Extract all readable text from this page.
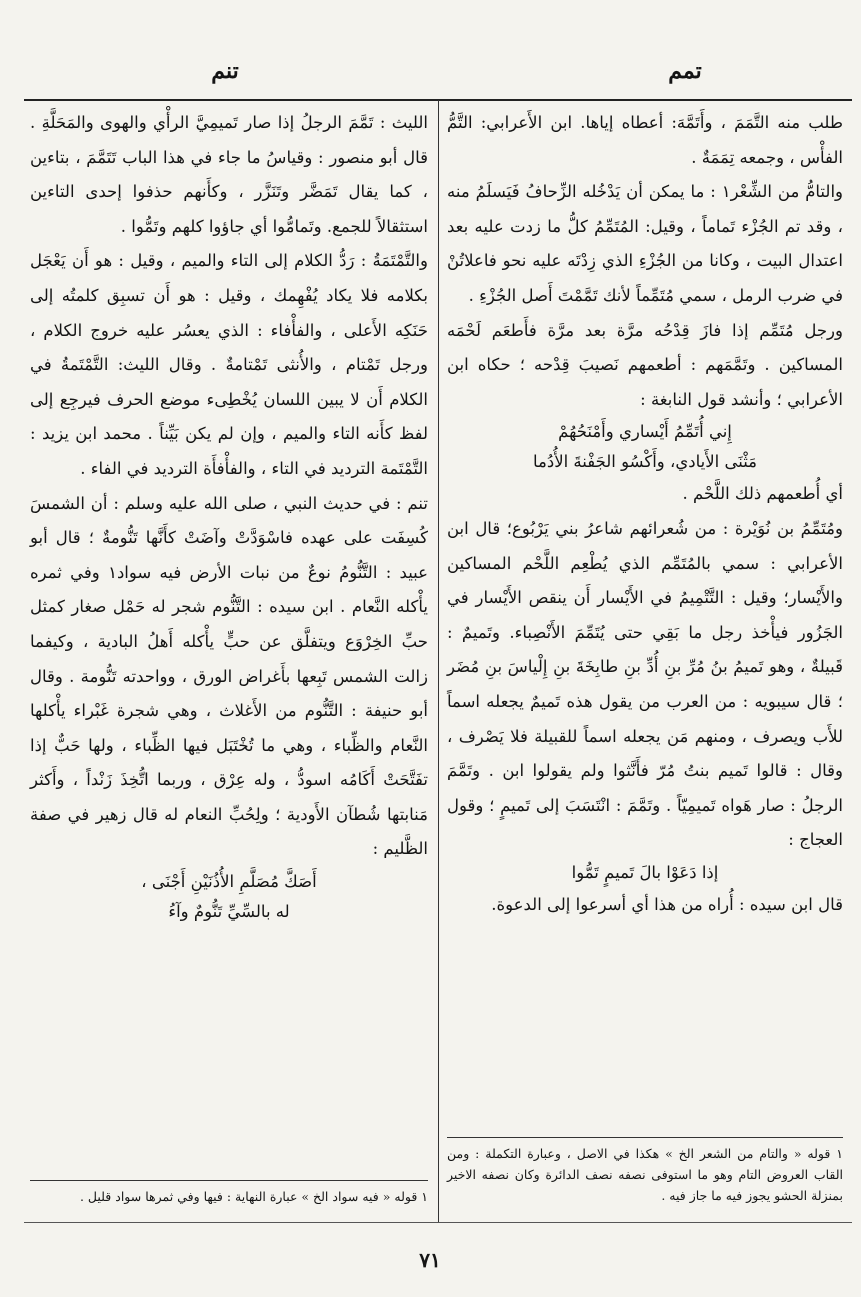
تمم
تنم

طلب منه التَّمَمَ ، وأَتَمَّهَ: أعطاه إياها. ابن الأَعرابي: التَّمُّ الفأْس ، وجمعه تِمَمَةٌ .

والتامُّ من الشِّعْر١ : ما يمكن أن يَدْخُله الزِّحافُ فَيَسلَمُ منه ، وقد تم الجُزْء تَماماً ، وقيل: المُتَمِّمُ كلُّ ما زدت عليه بعد اعتدال البيت ، وكانا من الجُزْءِ الذي زِدْتَه عليه نحو فاعلاتُنْ في ضرب الرمل ، سمي مُتَمِّماً لأنك تَمَّمْتَ أَصل الجُزْءِ .

ورجل مُتَمِّم إذا فازَ قِدْحُه مرَّة بعد مرَّة فأَطعَم لَحْمَه المساكين . وتَمَّمَهم : أطعمهم نَصيبَ قِدْحه ؛ حكاه ابن الأعرابي ؛ وأنشد قول النابغة :

إِني أُتَمِّمُ أَيْساري وأَمْنَحُهُمْ

مَثْنَى الأَيادي، وأَكْسُو الجَفْنةَ الأُدُما

أي أُطعمهم ذلك اللَّحْم .

ومُتَمِّمُ بن نُوَيْرة : من شُعرائهم شاعرُ بني يَرْبُوع؛ قال ابن الأعرابي : سمي بالمُتَمِّم الذي يُطْعِم اللَّحْم المساكين والأَيْسار؛ وقيل : التَّتْمِيمُ في الأَيْسار أَن ينقص الأَيْسار في الجَزُور فيأْخذ رجل ما بَقِي حتى يُتَمِّمَ الأَنْصِباء. وتَميمٌ : قَبيلةٌ ، وهو تَميمُ بنُ مُرِّ بنِ أُدِّ بنِ طابِخَةَ بنِ إِلْياسَ بنِ مُضَر ؛ قال سيبويه : من العرب من يقول هذه تَميمٌ يجعله اسماً للأَب ويصرف ، ومنهم مَن يجعله اسماً للقبيلة فلا يَصْرف ، وقال : قالوا تَميم بنتُ مُرّ فأَنَّثوا ولم يقولوا ابن . وتَمَّمَ الرجلُ : صار هَواه تَميمِيّاً . وتَمَّمَ : انْتَسَبَ إلى تَميمٍ ؛ وقول العجاج :

إذا دَعَوْا بالَ تَميمٍ تَمُّوا

قال ابن سيده : أُراه من هذا أي أسرعوا إلى الدعوة.

الليث : تَمَّمَ الرجلُ إذا صار تَميمِيَّ الرأْي والهوى والمَحَلَّةِ . قال أبو منصور : وقياسُ ما جاء في هذا الباب تَتَمَّمَ ، بتاءين ، كما يقال تَمَضَّر وتَنَزَّر ، وكأَنهم حذفوا إحدى التاءين استثقالاً للجمع. وتَمامُّوا أي جاؤوا كلهم وتَمُّوا .

والتَّمْتَمَةُ : رَدُّ الكلام إلى التاء والميم ، وقيل : هو أَن يَعْجَل بكلامه فلا يكاد يُفْهِمك ، وقيل : هو أَن تسبِق كلمتُه إلى حَنَكِه الأَعلى ، والفأْفاء : الذي يعسُر عليه خروج الكلام ، ورجل تَمْتام ، والأُنثى تَمْتامةٌ . وقال الليث: التَّمْتَمةُ في الكلام أَن لا يبين اللسان يُخْطِىء موضع الحرف فيرجِع إلى لفظ كأَنه التاء والميم ، وإن لم يكن بَيِّناً . محمد ابن يزيد : التَّمْتَمة الترديد في التاء ، والفأْفأَة الترديد في الفاء .

تنم : في حديث النبي ، صلى الله عليه وسلم : أن الشمسَ كُسِفَت على عهده فاسْوَدَّتْ وآضَتْ كأَنَّها تَنُّومةٌ ؛ قال أبو عبيد : التَّنُّومُ نوعٌ من نبات الأرض فيه سواد١ وفي ثمره يأْكله النَّعام . ابن سيده : التَّنُّوم شجر له حَمْل صغار كمثل حبِّ الخِرْوَع ويتفلَّق عن حبٍّ يأْكله أَهلُ البادية ، وكيفما زالت الشمس تَبِعها بأَغراض الورق ، وواحدته تَنُّومة . وقال أبو حنيفة : التَّنُّوم من الأَغلاث ، وهي شجرة غَبْراء يأْكلها النَّعام والظِّباء ، وهي ما تُخْتَبَل فيها الظِّباء ، ولها حَبٌّ إذا تفَتَّحَتْ أَكَامُه اسودُّ ، وله عِرْق ، وربما اتُّخِذَ زَنْداً ، وأَكثر مَنابتها شُطآن الأَودية ؛ ولِحُبِّ النعام له قال زهير في صفة الظَّليم :

أَصَكَّ مُصَلَّمِ الأُذُنَيْنِ أَجْنَى ،

له بالسِّيِّ تَنُّومٌ وآءُ

١ قوله « والتام من الشعر الخ » هكذا في الاصل ، وعبارة التكملة : ومن القاب العروض التام وهو ما استوفى نصفه نصف الدائرة وكان نصفه الاخير بمنزلة الحشو يجوز فيه ما جاز فيه .
١ قوله « فيه سواد الخ » عبارة النهاية : فيها وفي ثمرها سواد قليل .
٧١
